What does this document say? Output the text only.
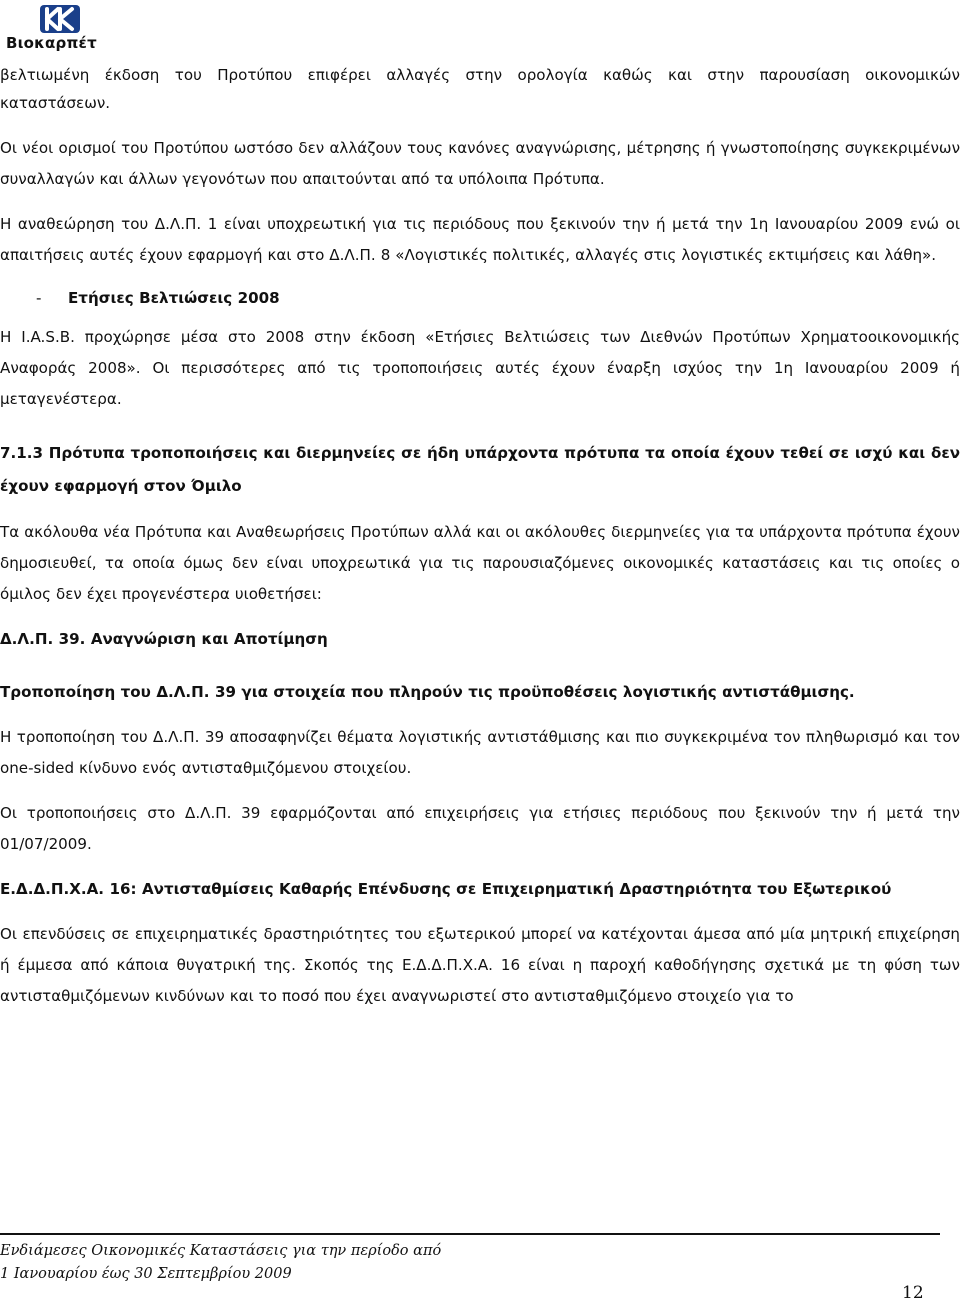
Βιοκαρπέτ

βελτιωμένη έκδοση του Προτύπου επιφέρει αλλαγές στην ορολογία καθώς και στην παρουσίαση οικονομικών

καταστάσεων.

Οι νέοι ορισμοί του Προτύπου ωστόσο δεν αλλάζουν τους κανόνες αναγνώρισης, μέτρησης ή γνωστοποίησης συγκεκριμένων συναλλαγών και άλλων γεγονότων που απαιτούνται από τα υπόλοιπα Πρότυπα.

Η αναθεώρηση του Δ.Λ.Π. 1 είναι υποχρεωτική για τις περιόδους που ξεκινούν την ή μετά την 1η Ιανουαρίου 2009 ενώ οι απαιτήσεις αυτές έχουν εφαρμογή και στο Δ.Λ.Π. 8 «Λογιστικές πολιτικές, αλλαγές στις λογιστικές εκτιμήσεις και λάθη».

- Ετήσιες Βελτιώσεις 2008

Η I.A.S.B. προχώρησε μέσα στο 2008 στην έκδοση «Ετήσιες Βελτιώσεις των Διεθνών Προτύπων Χρηματοοικονομικής Αναφοράς 2008». Οι περισσότερες από τις τροποποιήσεις αυτές έχουν έναρξη ισχύος την 1η Ιανουαρίου 2009 ή μεταγενέστερα.

7.1.3 Πρότυπα τροποποιήσεις και διερμηνείες σε ήδη υπάρχοντα πρότυπα τα οποία έχουν τεθεί σε ισχύ και δεν έχουν εφαρμογή στον Όμιλο

Τα ακόλουθα νέα Πρότυπα και Αναθεωρήσεις Προτύπων αλλά και οι ακόλουθες διερμηνείες για τα υπάρχοντα πρότυπα έχουν δημοσιευθεί, τα οποία όμως δεν είναι υποχρεωτικά για τις παρουσιαζόμενες οικονομικές καταστάσεις και τις οποίες ο όμιλος δεν έχει προγενέστερα υιοθετήσει:

Δ.Λ.Π. 39. Αναγνώριση και Αποτίμηση

Τροποποίηση του Δ.Λ.Π. 39 για στοιχεία που πληρούν τις προϋποθέσεις λογιστικής αντιστάθμισης.

Η τροποποίηση του Δ.Λ.Π. 39 αποσαφηνίζει θέματα λογιστικής αντιστάθμισης και πιο συγκεκριμένα τον πληθωρισμό και τον one-sided κίνδυνο ενός αντισταθμιζόμενου στοιχείου.

Οι τροποποιήσεις στο Δ.Λ.Π. 39 εφαρμόζονται από επιχειρήσεις για ετήσιες περιόδους που ξεκινούν την ή μετά την 01/07/2009.

Ε.Δ.Δ.Π.Χ.Α. 16: Αντισταθμίσεις Καθαρής Επένδυσης σε Επιχειρηματική Δραστηριότητα του Εξωτερικού

Οι επενδύσεις σε επιχειρηματικές δραστηριότητες του εξωτερικού μπορεί να κατέχονται άμεσα από μία μητρική επιχείρηση ή έμμεσα από κάποια θυγατρική της. Σκοπός της Ε.Δ.Δ.Π.Χ.Α. 16 είναι η παροχή καθοδήγησης σχετικά με τη φύση των αντισταθμιζόμενων κινδύνων και το ποσό που έχει αναγνωριστεί στο αντισταθμιζόμενο στοιχείο για το

Ενδιάμεσες Οικονομικές Καταστάσεις για την περίοδο από
1 Ιανουαρίου έως 30 Σεπτεμβρίου 2009
12
